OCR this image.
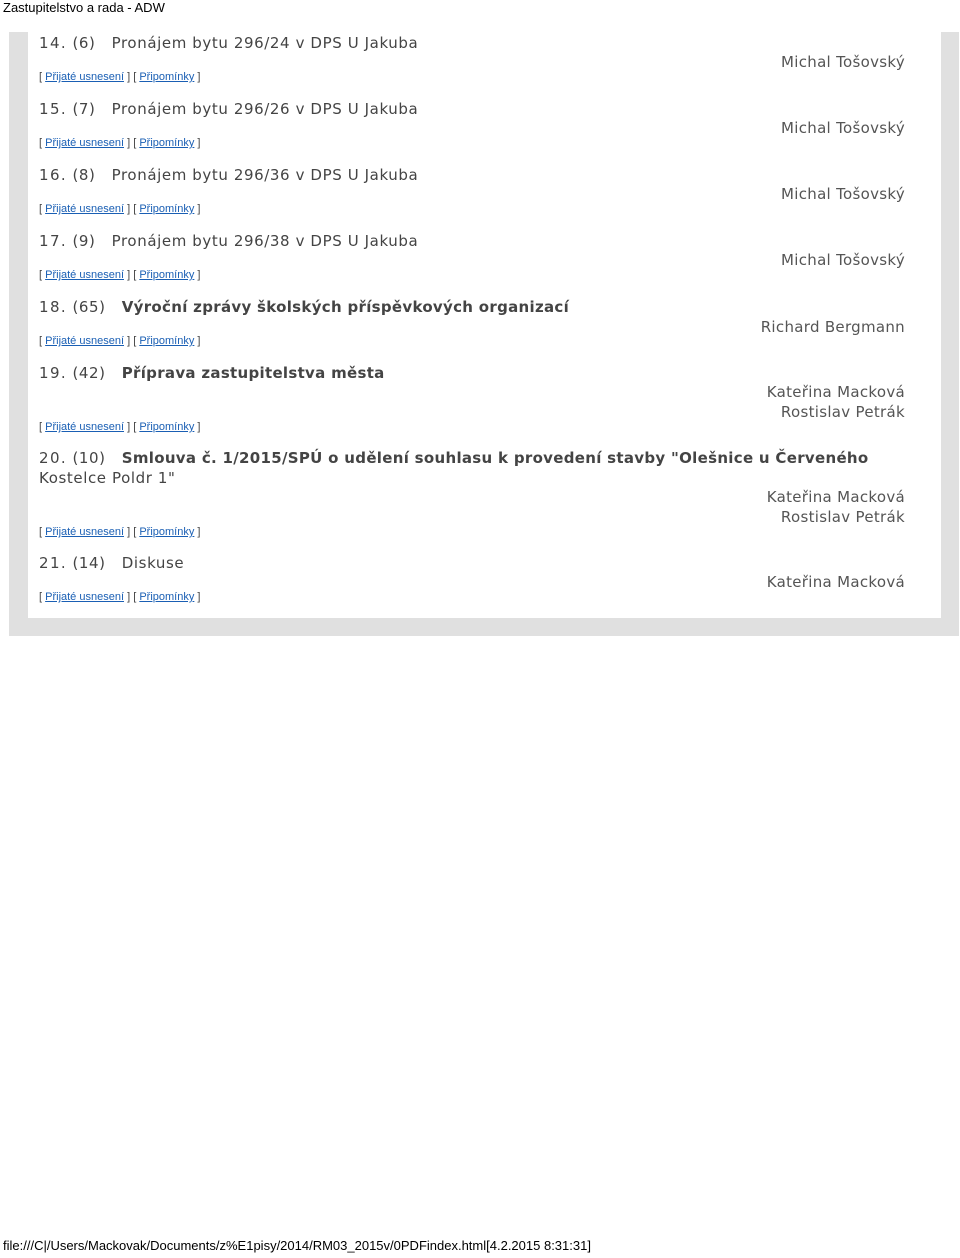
Zastupitelstvo a rada - ADW
14. (6) Pronájem bytu 296/24 v DPS U Jakuba
Michal Tošovský
[ Přijaté usnesení ] [ Připomínky ]
15. (7) Pronájem bytu 296/26 v DPS U Jakuba
Michal Tošovský
[ Přijaté usnesení ] [ Připomínky ]
16. (8) Pronájem bytu 296/36 v DPS U Jakuba
Michal Tošovský
[ Přijaté usnesení ] [ Připomínky ]
17. (9) Pronájem bytu 296/38 v DPS U Jakuba
Michal Tošovský
[ Přijaté usnesení ] [ Připomínky ]
18. (65) Výroční zprávy školských příspěvkových organizací
Richard Bergmann
[ Přijaté usnesení ] [ Připomínky ]
19. (42) Příprava zastupitelstva města
Kateřina Macková
Rostislav Petrák
[ Přijaté usnesení ] [ Připomínky ]
20. (10) Smlouva č. 1/2015/SPÚ o udělení souhlasu k provedení stavby "Olešnice u Červeného
Kostelce Poldr 1"
Kateřina Macková
Rostislav Petrák
[ Přijaté usnesení ] [ Připomínky ]
21. (14) Diskuse
Kateřina Macková
[ Přijaté usnesení ] [ Připomínky ]
file:///C|/Users/Mackovak/Documents/z%E1pisy/2014/RM03_2015v/0PDFindex.html[4.2.2015 8:31:31]
